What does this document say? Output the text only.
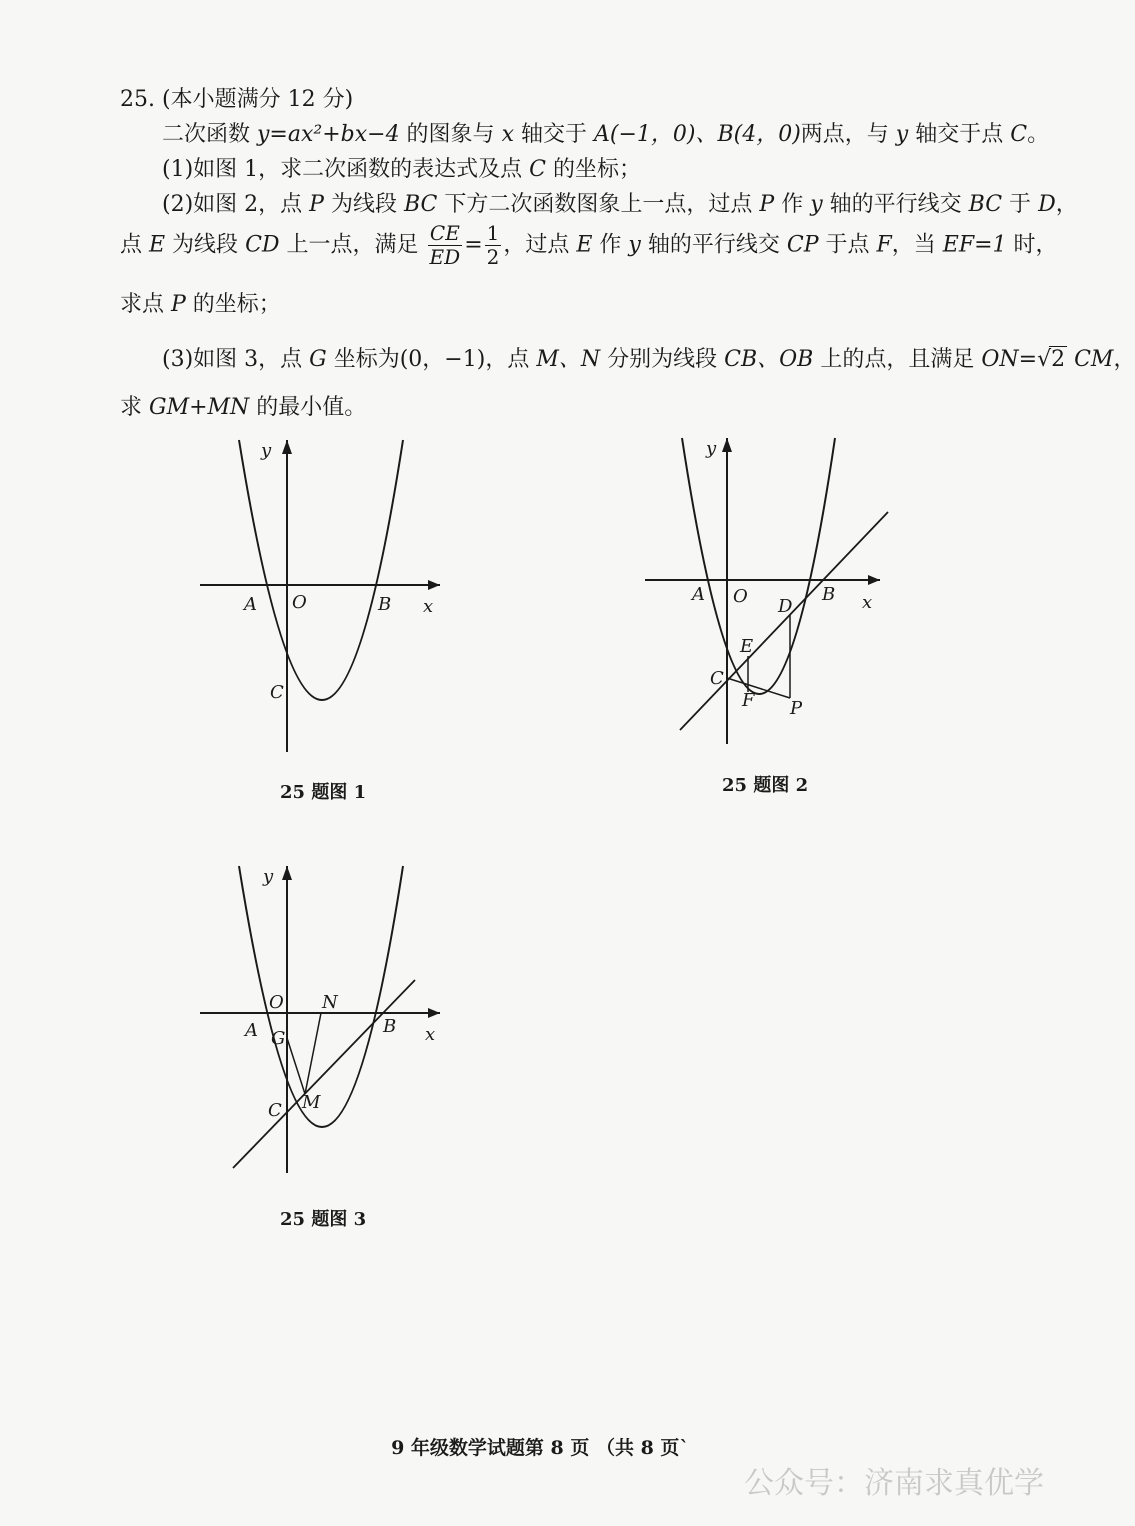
25. (本小题满分 12 分)
二次函数 y=ax²+bx−4 的图象与 x 轴交于 A(−1，0)、B(4，0)两点，与 y 轴交于点 C。
(1)如图 1，求二次函数的表达式及点 C 的坐标；
(2)如图 2，点 P 为线段 BC 下方二次函数图象上一点，过点 P 作 y 轴的平行线交 BC 于 D，
点 E 为线段 CD 上一点，满足 $\frac{CE}{ED} = \frac{1}{2}$ ，过点 E 作 y 轴的平行线交 CP 于点 F，当 EF=1 时，
求点 P 的坐标；
(3)如图 3，点 G 坐标为(0，−1)，点 M、N 分别为线段 CB、OB 上的点，且满足 ON=√2 CM，
求 GM+MN 的最小值。
y
x
O
A	B
C
25 题图 1
y
x
O
A	B
C
D
E
F P
25 题图 2
y
x
O N
A G
B
M
C
25 题图 3
9 年级数学试题第 8 页 （共 8 页`
公众号：济南求真优学
